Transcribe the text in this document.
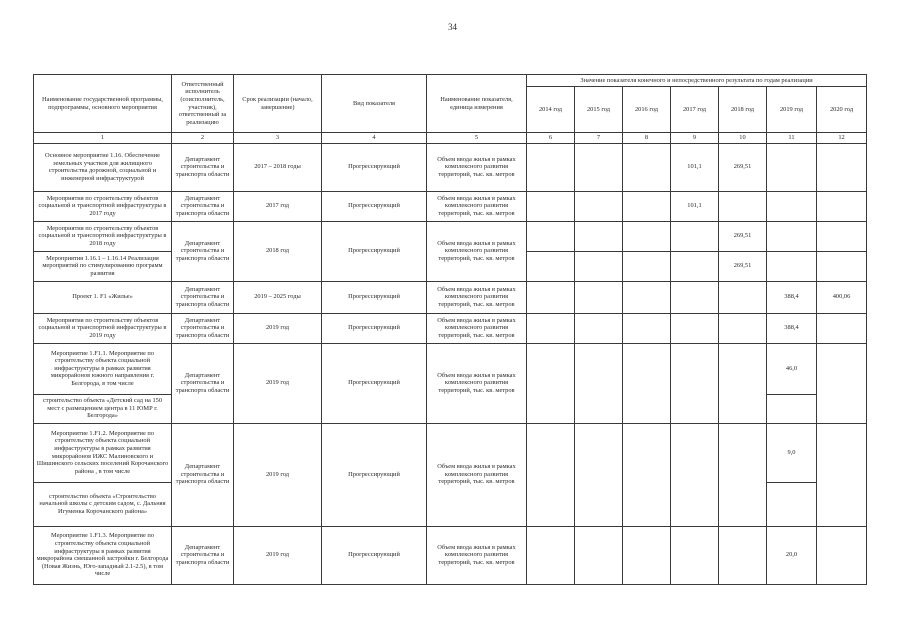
34
Наименование государственной программы, подпрограммы, основного мероприятия	Ответственный исполнитель (соисполнитель, участник), ответственный за реализацию	Срок реализации (начало, завершение)	Вид показателя	Наименование показателя, единица измерения	Значение показателя конечного и непосредственного результата по годам реализации						
					2014 год	2015 год	2016 год	2017 год	2018 год	2019 год	2020 год
1	2	3	4	5	6	7	8	9	10	11	12
Основное мероприятие 1.16. Обеспечение земельных участков для жилищного строительства дорожной, социальной и инженерной инфраструктурой	Департамент строительства и транспорта области	2017 – 2018 годы	Прогрессирующий	Объем ввода жилья в рамках комплексного развития территорий, тыс. кв. метров				101,1	269,51		
Мероприятия по строительству объектов социальной и транспортной инфраструктуры в 2017 году	Департамент строительства и транспорта области	2017 год	Прогрессирующий	Объем ввода жилья в рамках комплексного развития территорий, тыс. кв. метров				101,1			
Мероприятия по строительству объектов социальной и транспортной инфраструктуры в 2018 году	Департамент строительства и транспорта области	2018 год	Прогрессирующий	Объем ввода жилья в рамках комплексного развития территорий, тыс. кв. метров					269,51		
Мероприятия 1.16.1 – 1.16.14 Реализация мероприятий по стимулированию программ развития									269,51		
Проект 1. F1 «Жилье»	Департамент строительства и транспорта области	2019 – 2025 годы	Прогрессирующий	Объем ввода жилья в рамках комплексного развития территорий, тыс. кв. метров						388,4	400,06
Мероприятия по строительству объектов социальной и транспортной инфраструктуры в 2019 году	Департамент строительства и транспорта области	2019 год	Прогрессирующий	Объем ввода жилья в рамках комплексного развития территорий, тыс. кв. метров						388,4	
Мероприятие 1.F1.1. Мероприятие по строительству объекта социальной инфраструктуры в рамках развития микрорайонов южного направления г. Белгорода, в том числе	Департамент строительства и транспорта области	2019 год	Прогрессирующий	Объем ввода жилья в рамках комплексного развития территорий, тыс. кв. метров						46,0	
строительство объекта «Детский сад на 150 мест с размещением центра в 11 ЮМР г. Белгорода»											
Мероприятие 1.F1.2. Мероприятие по строительству объекта социальной инфраструктуры в рамках развития микрорайонов ИЖС Малиновского и Шишинского сельских поселений Корочанского района , в том числе	Департамент строительства и транспорта области	2019 год	Прогрессирующий	Объем ввода жилья в рамках комплексного развития территорий, тыс. кв. метров						9,0	
строительство объекта «Строительство начальной школы с детским садом, с. Дальняя Игуменка Корочанского района»											
Мероприятие 1.F1.3. Мероприятие по строительству объекта социальной инфраструктуры в рамках развития микрорайона смешанной застройки г. Белгорода (Новая Жизнь, Юго-западный 2.1-2.5), в том числе	Департамент строительства и транспорта области	2019 год	Прогрессирующий	Объем ввода жилья в рамках комплексного развития территорий, тыс. кв. метров						20,0	
